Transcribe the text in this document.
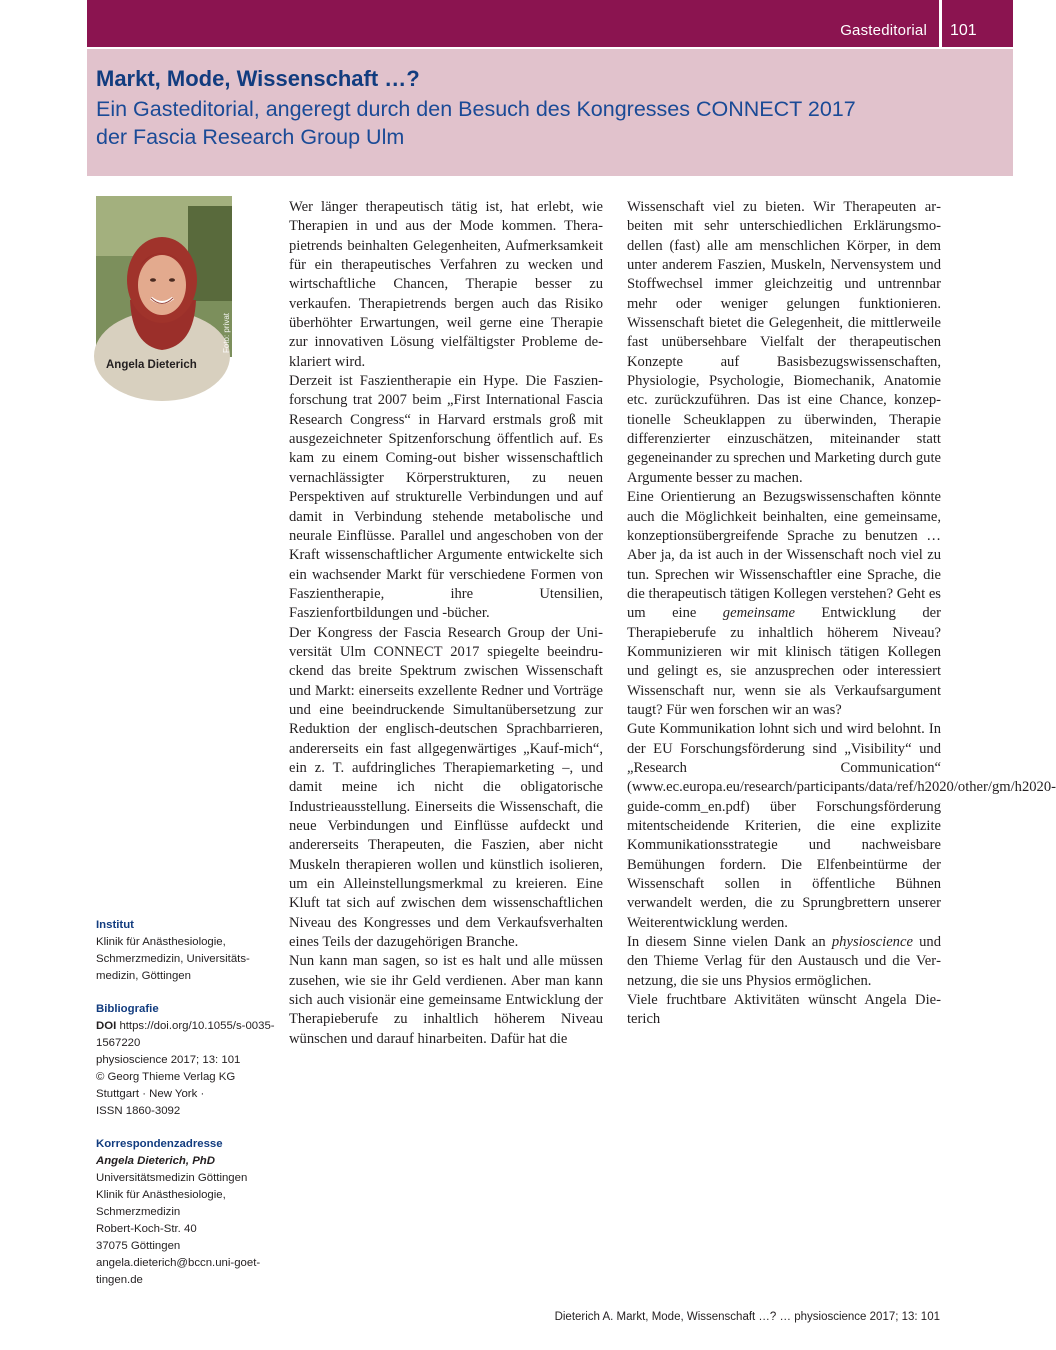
Gasteditorial 101
Markt, Mode, Wissenschaft …?
Ein Gasteditorial, angeregt durch den Besuch des Kongresses CONNECT 2017
der Fascia Research Group Ulm
Foto: privat
Angela Dieterich
Institut
Klinik für Anästhesiologie, Schmerzmedizin, Universitätsmedizin, Göttingen
Bibliografie
DOI https://doi.org/10.1055/s-0035-1567220
physioscience 2017; 13: 101
© Georg Thieme Verlag KG
Stuttgart · New York ·
ISSN 1860-3092
Korrespondenzadresse
Angela Dieterich, PhD
Universitätsmedizin Göttingen
Klinik für Anästhesiologie,
Schmerzmedizin
Robert-Koch-Str. 40
37075 Göttingen
angela.dieterich@bccn.uni-goettingen.de

Wer länger therapeutisch tätig ist, hat erlebt, wie Therapien in und aus der Mode kommen. Therapietrends beinhalten Gelegenheiten, Aufmerksamkeit für ein therapeutisches Verfahren zu wecken und wirtschaftliche Chancen, Therapie besser zu verkaufen. Therapietrends bergen auch das Risiko überhöhter Erwartungen, weil gerne eine Therapie zur innovativen Lösung vielfältigster Probleme deklariert wird.

Derzeit ist Faszientherapie ein Hype. Die Faszienforschung trat 2007 beim „First International Fascia Research Congress“ in Harvard erstmals groß mit ausgezeichneter Spitzenforschung öffentlich auf. Es kam zu einem Coming-out bisher wissenschaftlich vernachlässigter Körperstrukturen, zu neuen Perspektiven auf strukturelle Verbindungen und auf damit in Verbindung stehende metabolische und neurale Einflüsse. Parallel und angeschoben von der Kraft wissenschaftlicher Argumente entwickelte sich ein wachsender Markt für verschiedene Formen von Faszientherapie, ihre Utensilien, Faszienfortbildungen und -bücher.

Der Kongress der Fascia Research Group der Universität Ulm CONNECT 2017 spiegelte beeindruckend das breite Spektrum zwischen Wissenschaft und Markt: einerseits exzellente Redner und Vorträge und eine beeindruckende Simultanübersetzung zur Reduktion der englisch-deutschen Sprachbarrieren, andererseits ein fast allgegenwärtiges „Kauf-mich“, ein z. T. aufdringliches Therapiemarketing –, und damit meine ich nicht die obligatorische Industrieausstellung. Einerseits die Wissenschaft, die neue Verbindungen und Einflüsse aufdeckt und andererseits Therapeuten, die Faszien, aber nicht Muskeln therapieren wollen und künstlich isolieren, um ein Alleinstellungsmerkmal zu kreieren. Eine Kluft tat sich auf zwischen dem wissenschaftlichen Niveau des Kongresses und dem Verkaufsverhalten eines Teils der dazugehörigen Branche.

Nun kann man sagen, so ist es halt und alle müssen zusehen, wie sie ihr Geld verdienen. Aber man kann sich auch visionär eine gemeinsame Entwicklung der Therapieberufe zu inhaltlich höherem Niveau wünschen und darauf hinarbeiten. Dafür hat die

Wissenschaft viel zu bieten. Wir Therapeuten arbeiten mit sehr unterschiedlichen Erklärungsmodellen (fast) alle am menschlichen Körper, in dem unter anderem Faszien, Muskeln, Nervensystem und Stoffwechsel immer gleichzeitig und untrennbar mehr oder weniger gelungen funktionieren. Wissenschaft bietet die Gelegenheit, die mittlerweile fast unübersehbare Vielfalt der therapeutischen Konzepte auf Basisbezugswissenschaften, Physiologie, Psychologie, Biomechanik, Anatomie etc. zurückzuführen. Das ist eine Chance, konzeptionelle Scheuklappen zu überwinden, Therapie differenzierter einzuschätzen, miteinander statt gegeneinander zu sprechen und Marketing durch gute Argumente besser zu machen.

Eine Orientierung an Bezugswissenschaften könnte auch die Möglichkeit beinhalten, eine gemeinsame, konzeptionsübergreifende Sprache zu benutzen … Aber ja, da ist auch in der Wissenschaft noch viel zu tun. Sprechen wir Wissenschaftler eine Sprache, die die therapeutisch tätigen Kollegen verstehen? Geht es um eine gemeinsame Entwicklung der Therapieberufe zu inhaltlich höherem Niveau? Kommunizieren wir mit klinisch tätigen Kollegen und gelingt es, sie anzusprechen oder interessiert Wissenschaft nur, wenn sie als Verkaufsargument taugt? Für wen forschen wir an was?

Gute Kommunikation lohnt sich und wird belohnt. In der EU Forschungsförderung sind „Visibility“ und „Research Communication“ (www.ec.europa.eu/research/participants/data/ref/h2020/other/gm/h2020-guide-comm_en.pdf) über Forschungsförderung mitentscheidende Kriterien, die eine explizite Kommunikationsstrategie und nachweisbare Bemühungen fordern. Die Elfenbeintürme der Wissenschaft sollen in öffentliche Bühnen verwandelt werden, die zu Sprungbrettern unserer Weiterentwicklung werden.

In diesem Sinne vielen Dank an physioscience und den Thieme Verlag für den Austausch und die Vernetzung, die sie uns Physios ermöglichen.

Viele fruchtbare Aktivitäten wünscht Angela Dieterich

Dieterich A. Markt, Mode, Wissenschaft …? … physioscience 2017; 13: 101
